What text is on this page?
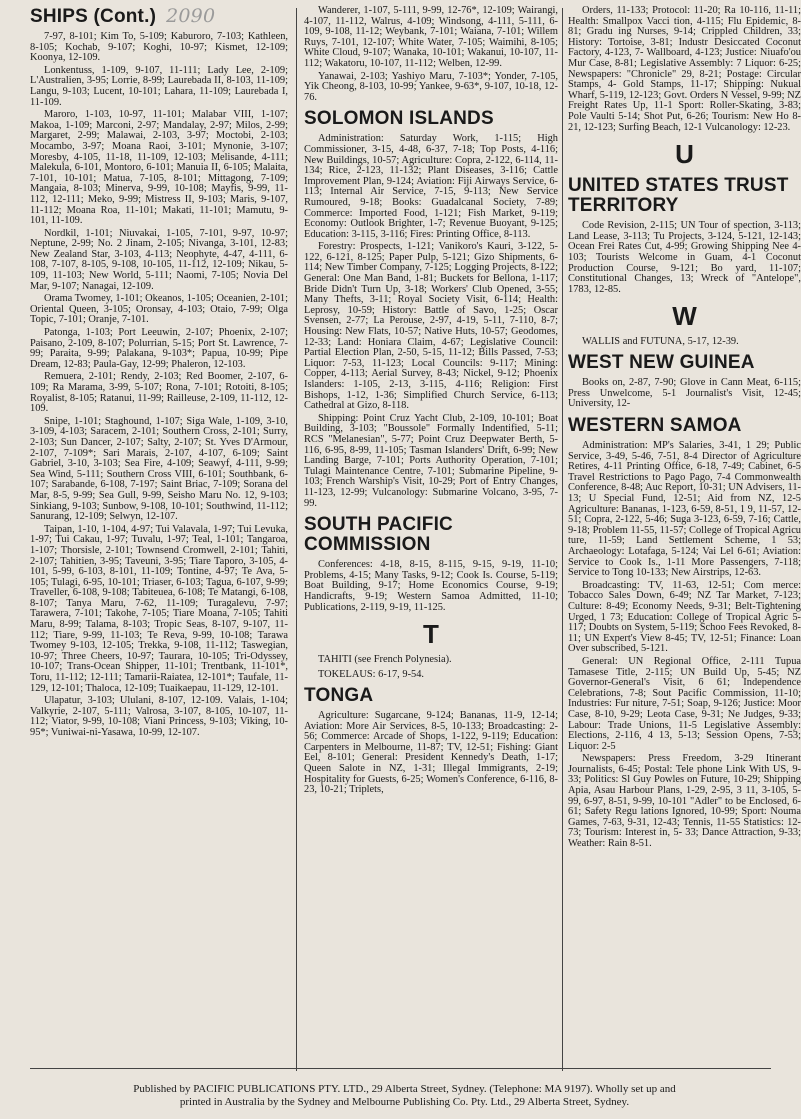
SHIPS (Cont.) 2090

7-97, 8-101; Kim To, 5-109; Kaburoro, 7-103; Kathleen, 8-105; Kochab, 9-107; Koghi, 10-97; Kismet, 12-109; Koonya, 12-109.

Lonkentuss, 1-109, 9-107, 11-111; Lady Lee, 2-109; L'Australien, 3-95; Lorrie, 8-99; Laurebada II, 8-103, 11-109; Langu, 9-103; Lucent, 10-101; Lahara, 11-109; Laurebada I, 11-109.

Maroro, 1-103, 10-97, 11-101; Malabar VIII, 1-107; Makoa, 1-109; Marconi, 2-97; Mandalay, 2-97; Milos, 2-99; Margaret, 2-99; Malawai, 2-103, 3-97; Moctobi, 2-103; Mocambo, 3-97; Moana Raoi, 3-101; Mynonie, 3-107; Moresby, 4-105, 11-18, 11-109, 12-103; Melisande, 4-111; Malekula, 6-101, Montoro, 6-101; Manuia II, 6-105; Malaita, 7-101, 10-101; Matua, 7-105, 8-101; Mittagong, 7-109; Mangaia, 8-103; Minerva, 9-99, 10-108; Mayfis, 9-99, 11-112, 12-111; Meko, 9-99; Mistress II, 9-103; Maris, 9-107, 11-112; Moana Roa, 11-101; Makati, 11-101; Mamutu, 9-101, 11-109.

Nordkil, 1-101; Niuvakai, 1-105, 7-101, 9-97, 10-97; Neptune, 2-99; No. 2 Jinam, 2-105; Nivanga, 3-101, 12-83; New Zealand Star, 3-103, 4-113; Neophyte, 4-47, 4-111, 6-108, 7-107, 8-105, 9-108, 10-105, 11-112, 12-109; Nikau, 5-109, 11-103; New World, 5-111; Naomi, 7-105; Novia Del Mar, 9-107; Nanagai, 12-109.

Orama Twomey, 1-101; Okeanos, 1-105; Oceanien, 2-101; Oriental Queen, 3-105; Oronsay, 4-103; Otaio, 7-99; Olga Topic, 7-101; Oranje, 7-101.

Patonga, 1-103; Port Leeuwin, 2-107; Phoenix, 2-107; Paisano, 2-109, 8-107; Polurrian, 5-15; Port St. Lawrence, 7-99; Paraita, 9-99; Palakana, 9-103*; Papua, 10-99; Pipe Dream, 12-83; Paula-Gay, 12-99; Phaleron, 12-103.

Remuera, 2-101; Rendy, 2-103; Red Boomer, 2-107, 6-109; Ra Marama, 3-99, 5-107; Rona, 7-101; Rotoiti, 8-105; Royalist, 8-105; Ratanui, 11-99; Railleuse, 2-109, 11-112, 12-109.

Snipe, 1-101; Staghound, 1-107; Siga Wale, 1-109, 3-10, 3-109, 4-103; Saracem, 2-101; Southern Cross, 2-101; Surry, 2-103; Sun Dancer, 2-107; Salty, 2-107; St. Yves D'Armour, 2-107, 7-109*; Sari Marais, 2-107, 4-107, 6-109; Saint Gabriel, 3-10, 3-103; Sea Fire, 4-109; Seawyf, 4-111, 9-99; Sea Wind, 5-111; Southern Cross VIII, 6-101; Southbank, 6-107; Sarabande, 6-108, 7-197; Saint Briac, 7-109; Sorana del Mar, 8-5, 9-99; Sea Gull, 9-99, Seisho Maru No. 12, 9-103; Sinkiang, 9-103; Sunbow, 9-108, 10-101; Southwind, 11-112; Sanurang, 12-109; Selwyn, 12-107.

Taipan, 1-10, 1-104, 4-97; Tui Valavala, 1-97; Tui Levuka, 1-97; Tui Cakau, 1-97; Tuvalu, 1-97; Teal, 1-101; Tangaroa, 1-107; Thorsisle, 2-101; Townsend Cromwell, 2-101; Tahiti, 2-107; Tahitien, 3-95; Taveuni, 3-95; Tiare Taporo, 3-105, 4-101, 5-99, 6-103, 8-101, 11-109; Tontine, 4-97; Te Ava, 5-105; Tulagi, 6-95, 10-101; Triaser, 6-103; Tagua, 6-107, 9-99; Traveller, 6-108, 9-108; Tabiteuea, 6-108; Te Matangi, 6-108, 8-107; Tanya Maru, 7-62, 11-109; Turagalevu, 7-97; Tarawera, 7-101; Takohe, 7-105; Tiare Moana, 7-105; Tahiti Maru, 8-99; Talama, 8-103; Tropic Seas, 8-107, 9-107, 11-112; Tiare, 9-99, 11-103; Te Reva, 9-99, 10-108; Tarawa Twomey 9-103, 12-105; Trekka, 9-108, 11-112; Taswegian, 10-97; Three Cheers, 10-97; Taurara, 10-105; Tri-Odyssey, 10-107; Trans-Ocean Shipper, 11-101; Trentbank, 11-101*, Toru, 11-112; 12-111; Tamarii-Raiatea, 12-101*; Taufale, 11-129, 12-101; Thaloca, 12-109; Tuaikaepau, 11-129, 12-101.

Ulapatur, 3-103; Ululani, 8-107, 12-109. Valais, 1-104; Valkyrie, 2-107, 5-111; Valrosa, 3-107, 8-105, 10-107, 11-112; Viator, 9-99, 10-108; Viani Princess, 9-103; Viking, 10-95*; Vuniwai-ni-Yasawa, 10-99, 12-107.

Wanderer, 1-107, 5-111, 9-99, 12-76*, 12-109; Wairangi, 4-107, 11-112, Walrus, 4-109; Windsong, 4-111, 5-111, 6-109, 9-108, 11-12; Weybank, 7-101; Waiana, 7-101; Willem Ruys, 7-101, 12-107; White Water, 7-105; Waimihi, 8-105; White Cloud, 9-107; Wanaka, 10-101; Wakanui, 10-107, 11-112; Wakatoru, 10-107, 11-112; Welben, 12-99.

Yanawai, 2-103; Yashiyo Maru, 7-103*; Yonder, 7-105, Yik Cheong, 8-103, 10-99; Yankee, 9-63*, 9-107, 10-18, 12-76.

SOLOMON ISLANDS

Administration: Saturday Work, 1-115; High Commissioner, 3-15, 4-48, 6-37, 7-18; Top Posts, 4-116; New Buildings, 10-57; Agriculture: Copra, 2-122, 6-114, 11-134; Rice, 2-123, 11-132; Plant Diseases, 3-116; Cattle Improvement Plan, 9-124; Aviation: Fiji Airways Service, 6-113; Internal Air Service, 7-15, 9-113; New Service Rumoured, 9-18; Books: Guadalcanal Society, 7-89; Commerce: Imported Food, 1-121; Fish Market, 9-119; Economy: Outlook Brighter, 1-7; Revenue Buoyant, 9-125; Education: 3-115, 3-116; Fires: Printing Office, 8-113.

Forestry: Prospects, 1-121; Vanikoro's Kauri, 3-122, 5-122, 6-121, 8-125; Paper Pulp, 5-121; Gizo Shipments, 6-114; New Timber Company, 7-125; Logging Projects, 8-122; General: One Man Band, 1-81; Buckets for Bellona, 1-117; Bride Didn't Turn Up, 3-18; Workers' Club Opened, 3-55; Many Thefts, 3-11; Royal Society Visit, 6-114; Health: Leprosy, 10-59; History: Battle of Savo, 1-25; Oscar Svensen, 2-77; La Perouse, 2-97, 4-19, 5-11, 7-110, 8-7; Housing: New Flats, 10-57; Native Huts, 10-57; Geodomes, 12-33; Land: Honiara Claim, 4-67; Legislative Council: Partial Election Plan, 2-50, 5-15, 11-12; Bills Passed, 7-53; Liquor: 7-53, 11-123; Local Councils: 9-117; Mining: Copper, 4-113; Aerial Survey, 8-43; Nickel, 9-12; Phoenix Islanders: 1-105, 2-13, 3-115, 4-116; Religion: First Bishops, 1-12, 1-36; Simplified Church Service, 6-113; Cathedral at Gizo, 8-118.

Shipping: Point Cruz Yacht Club, 2-109, 10-101; Boat Building, 3-103; "Boussole" Formally Indentified, 5-11; RCS "Melanesian", 5-77; Point Cruz Deepwater Berth, 5-116, 6-95, 8-99, 11-105; Tasman Islanders' Drift, 6-99; New Landing Barge, 7-101; Ports Authority Operation, 7-101; Tulagi Maintenance Centre, 7-101; Submarine Pipeline, 9-103; French Warship's Visit, 10-29; Port of Entry Changes, 11-123, 12-99; Vulcanology: Submarine Volcano, 3-95, 7-99.

SOUTH PACIFIC COMMISSION

Conferences: 4-18, 8-15, 8-115, 9-15, 9-19, 11-10; Problems, 4-15; Many Tasks, 9-12; Cook Is. Course, 5-119; Boat Building, 9-17; Home Economics Course, 9-19; Handicrafts, 9-19; Western Samoa Admitted, 11-10; Publications, 2-119, 9-19, 11-125.

T

TAHITI (see French Polynesia).

TOKELAUS: 6-17, 9-54.

TONGA

Agriculture: Sugarcane, 9-124; Bananas, 11-9, 12-14; Aviation: More Air Services, 8-5, 10-133; Broadcasting: 2-56; Commerce: Arcade of Shops, 1-122, 9-119; Education: Carpenters in Melbourne, 11-87; TV, 12-51; Fishing: Giant Eel, 8-101; General: President Kennedy's Death, 1-17; Queen Salote in NZ, 1-31; Illegal Immigrants, 2-19; Hospitality for Guests, 6-25; Women's Conference, 6-116, 8-23, 10-21; Triplets,

Orders, 11-133; Protocol: 11-20; Ra 10-116, 11-11; Health: Smallpox Vacci tion, 4-115; Flu Epidemic, 8-81; Gradu ing Nurses, 9-14; Crippled Children, 33; History: Tortoise, 3-81; Industr Desiccated Coconut Factory, 4-123, 7- Wallboard, 4-123; Justice: Niuafo'ou Mur Case, 8-81; Legislative Assembly: 7 Liquor: 6-25; Newspapers: "Chronicle" 29, 8-21; Postage: Circular Stamps, 4- Gold Stamps, 11-17; Shipping: Nukual Wharf, 5-119, 12-123; Govt. Orders N Vessel, 9-99; NZ Freight Rates Up, 11-1 Sport: Roller-Skating, 3-83; Pole Vaulti 5-14; Shot Put, 6-26; Tourism: New Ho 8-21, 12-123; Surfing Beach, 12-1 Vulcanology: 12-23.

U
UNITED STATES TRUST TERRITORY

Code Revision, 2-115; UN Tour of spection, 3-113; Land Lease, 3-113; Tu Projects, 3-124, 5-121, 12-143; Ocean Frei Rates Cut, 4-99; Growing Shipping Nee 4-103; Tourists Welcome in Guam, 4-1 Coconut Production Course, 9-121; Bo yard, 11-107; Constitutional Changes, 13; Wreck of "Antelope", 1783, 12-85.

W

WALLIS and FUTUNA, 5-17, 12-39.

WEST NEW GUINEA

Books on, 2-87, 7-90; Glove in Cann Meat, 6-115; Press Unwelcome, 5-1 Journalist's Visit, 12-45; University, 12-

WESTERN SAMOA

Administration: MP's Salaries, 3-41, 1 29; Public Service, 3-49, 5-46, 7-51, 8-4 Director of Agriculture Retires, 4-11 Printing Office, 6-18, 7-49; Cabinet, 6-5 Travel Restrictions to Pago Pago, 7-4 Commonwealth Conference, 8-48; Auc Report, 10-31; UN Advisers, 11-13; U Special Fund, 12-51; Aid from NZ, 12-5 Agriculture: Bananas, 1-123, 6-59, 8-51, 1 9, 11-57, 12-51; Copra, 2-122, 5-46; Suga 3-123, 6-59, 7-16; Cattle, 9-18; Problem 11-55, 11-57; College of Tropical Agricu ture, 11-59; Land Settlement Scheme, 1 53; Archaeology: Lotafaga, 5-124; Vai Lel 6-61; Aviation: Service to Cook Is., 1-11 More Passengers, 7-118; Service to Tong 10-133; New Airstrips, 12-63.

Broadcasting: TV, 11-63, 12-51; Com merce: Tobacco Sales Down, 6-49; NZ Tar Market, 7-123; Culture: 8-49; Economy Needs, 9-31; Belt-Tightening Urged, 1 73; Education: College of Tropical Agric 5-117; Doubts on System, 5-119; Schoo Fees Revoked, 8-11; UN Expert's View 8-45; TV, 12-51; Finance: Loan Over subscribed, 5-121.

General: UN Regional Office, 2-111 Tupua Tamasese Title, 2-115; UN Build Up, 5-45; NZ Governor-General's Visit, 6 61; Independence Celebrations, 7-8; Sout Pacific Commission, 11-10; Industries: Fur niture, 7-51; Soap, 9-126; Justice: Moor Case, 8-10, 9-29; Leota Case, 9-31; Ne Judges, 9-33; Labour: Trade Unions, 11-5 Legislative Assembly: Elections, 2-116, 4 13, 5-13; Session Opens, 7-53; Liquor: 2-5

Newspapers: Press Freedom, 3-29 Itinerant Journalists, 6-45; Postal: Tele phone Link With US, 9-33; Politics: Sl Guy Powles on Future, 10-29; Shipping Apia, Asau Harbour Plans, 1-29, 2-95, 3 11, 3-105, 5-99, 6-97, 8-51, 9-99, 10-101 "Adler" to be Enclosed, 6-61; Safety Regu lations Ignored, 10-99; Sport: Nouma Games, 7-63, 9-31, 12-43; Tennis, 11-55 Statistics: 12-73; Tourism: Interest in, 5- 33; Dance Attraction, 9-33; Weather: Rain 8-51.

Published by PACIFIC PUBLICATIONS PTY. LTD., 29 Alberta Street, Sydney. (Telephone: MA 9197). Wholly set up and
printed in Australia by the Sydney and Melbourne Publishing Co. Pty. Ltd., 29 Alberta Street, Sydney.
